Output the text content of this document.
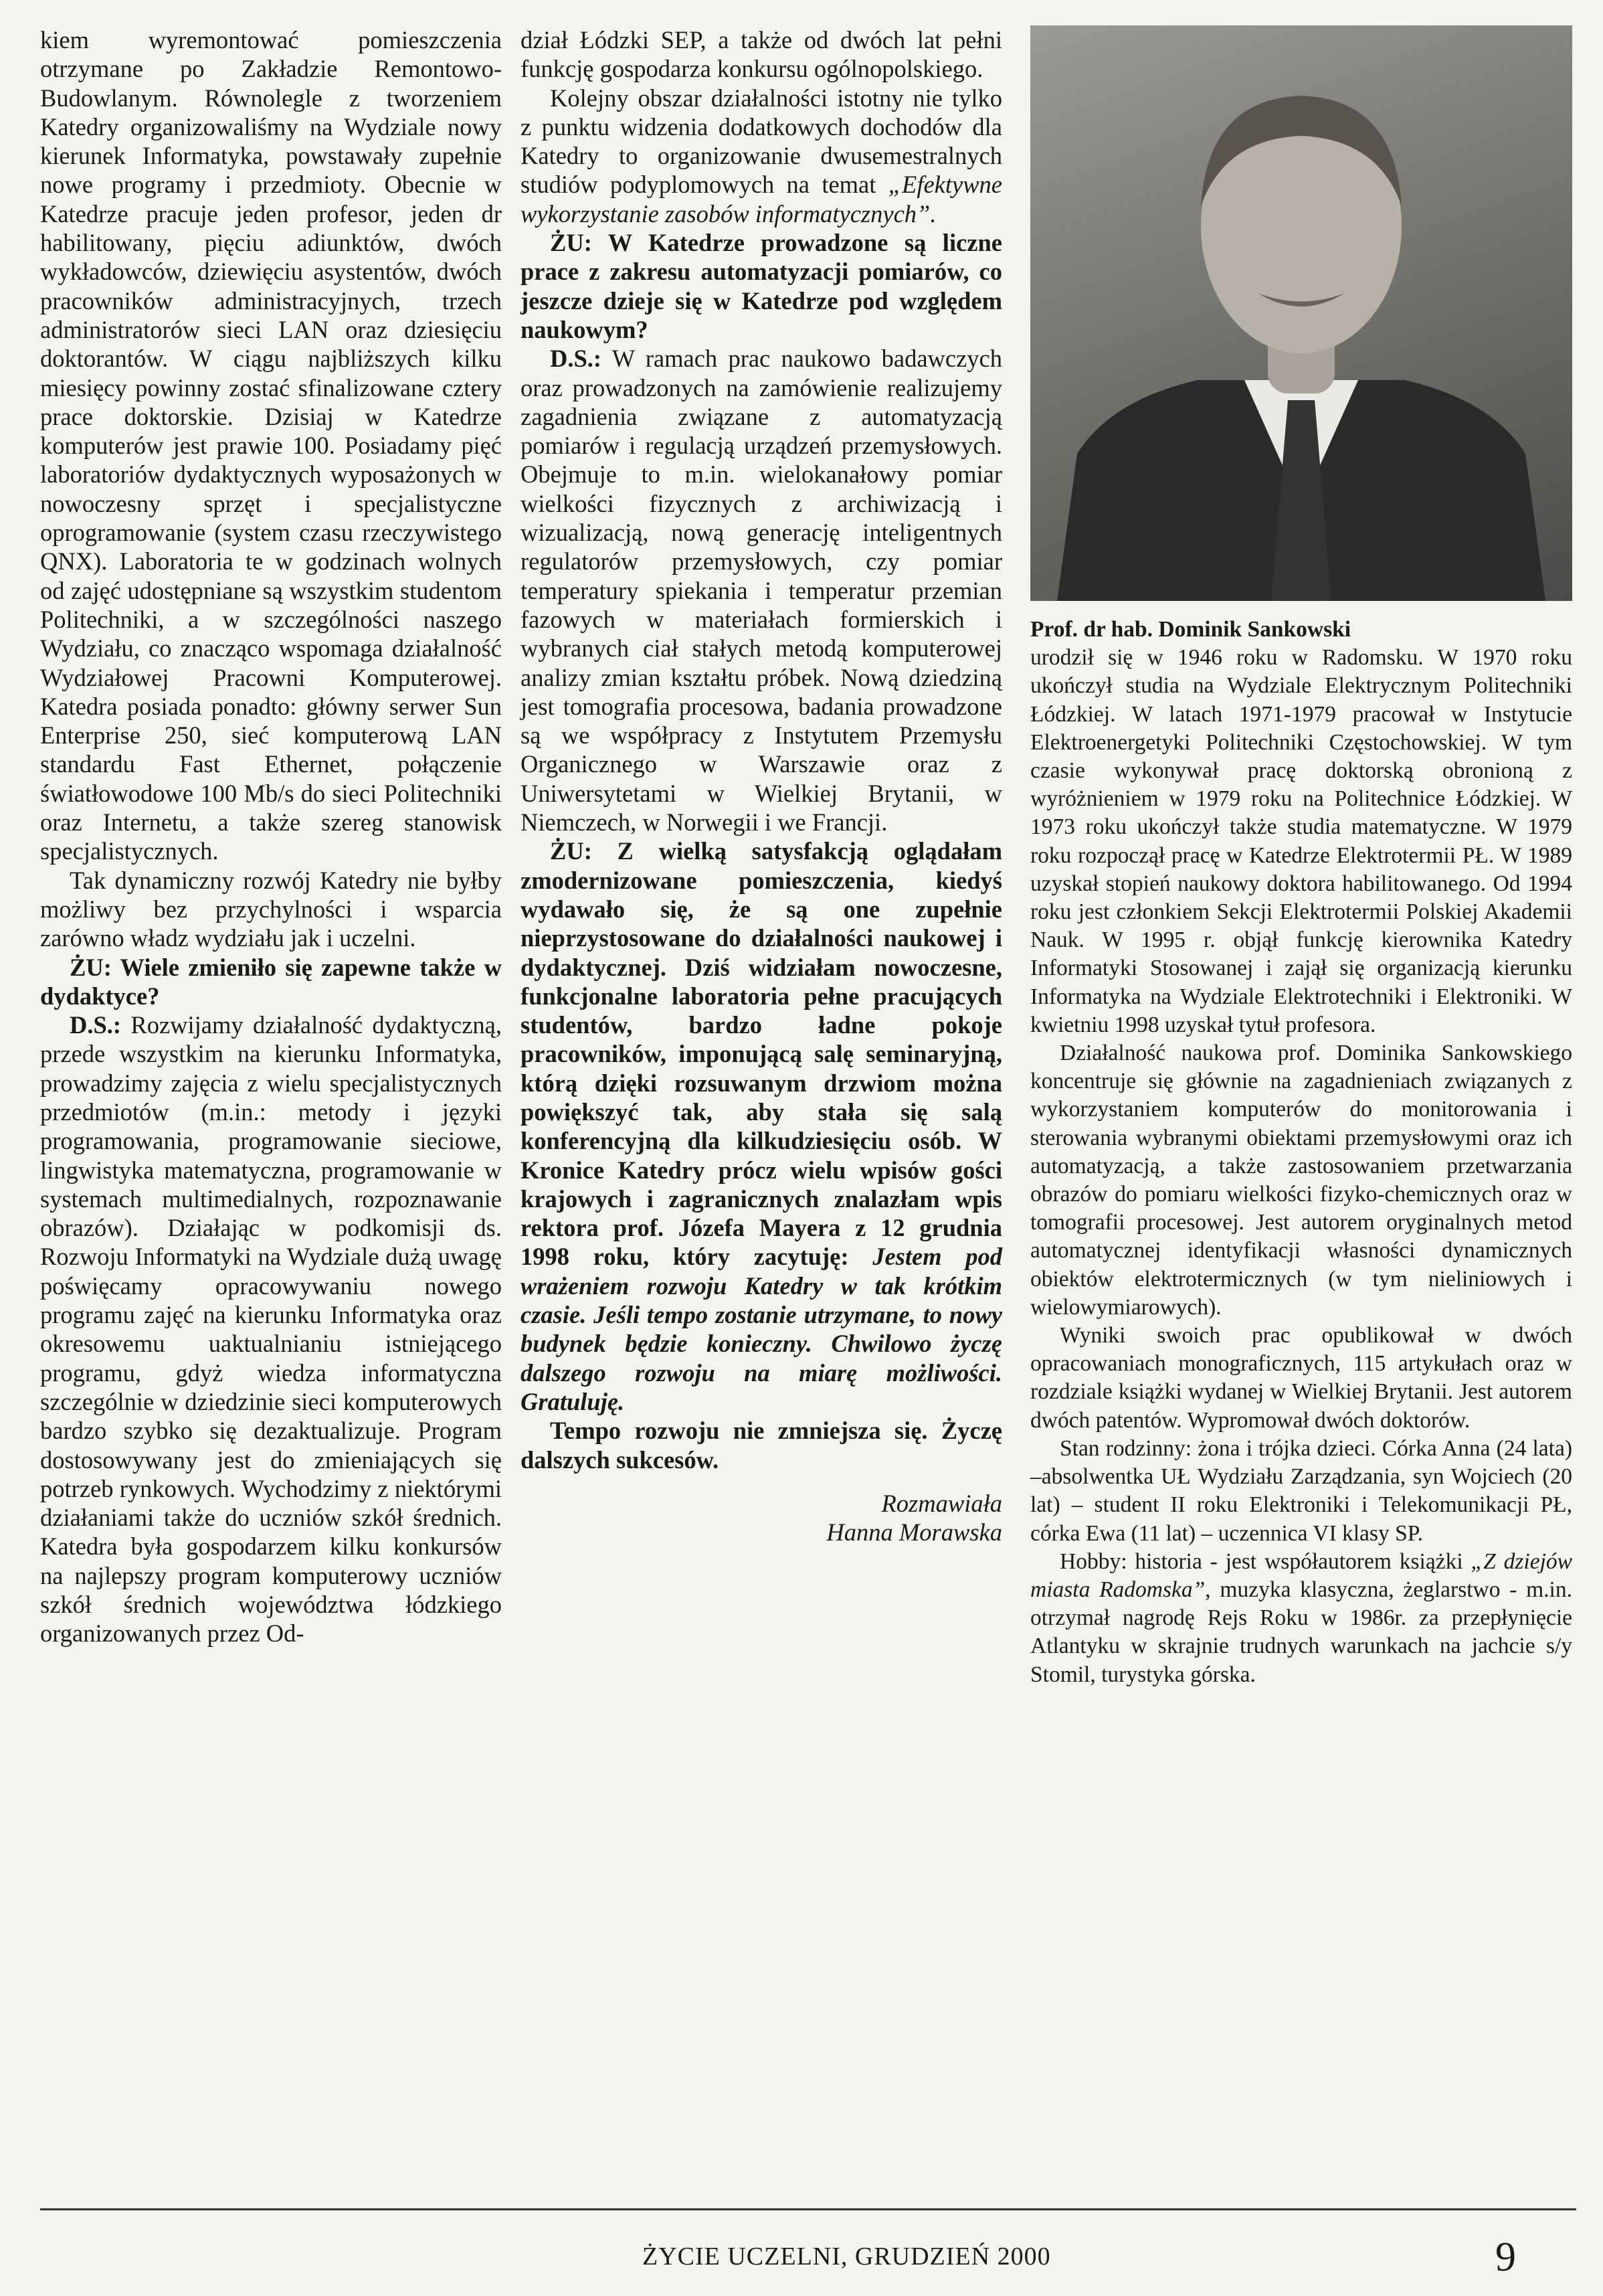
kiem wyremontować pomieszczenia otrzymane po Zakładzie Remontowo-Budowlanym. Równolegle z tworzeniem Katedry organizowaliśmy na Wydziale nowy kierunek Informatyka, powstawały zupełnie nowe programy i przedmioty. Obecnie w Katedrze pracuje jeden profesor, jeden dr habilitowany, pięciu adiunktów, dwóch wykładowców, dziewięciu asystentów, dwóch pracowników administracyjnych, trzech administratorów sieci LAN oraz dziesięciu doktorantów. W ciągu najbliższych kilku miesięcy powinny zostać sfinalizowane cztery prace doktorskie. Dzisiaj w Katedrze komputerów jest prawie 100. Posiadamy pięć laboratoriów dydaktycznych wyposażonych w nowoczesny sprzęt i specjalistyczne oprogramowanie (system czasu rzeczywistego QNX). Laboratoria te w godzinach wolnych od zajęć udostępniane są wszystkim studentom Politechniki, a w szczególności naszego Wydziału, co znacząco wspomaga działalność Wydziałowej Pracowni Komputerowej. Katedra posiada ponadto: główny serwer Sun Enterprise 250, sieć komputerową LAN standardu Fast Ethernet, połączenie światłowodowe 100 Mb/s do sieci Politechniki oraz Internetu, a także szereg stanowisk specjalistycznych.

Tak dynamiczny rozwój Katedry nie byłby możliwy bez przychylności i wsparcia zarówno władz wydziału jak i uczelni.

ŻU: Wiele zmieniło się zapewne także w dydaktyce?

D.S.: Rozwijamy działalność dydaktyczną, przede wszystkim na kierunku Informatyka, prowadzimy zajęcia z wielu specjalistycznych przedmiotów (m.in.: metody i języki programowania, programowanie sieciowe, lingwistyka matematyczna, programowanie w systemach multimedialnych, rozpoznawanie obrazów). Działając w podkomisji ds. Rozwoju Informatyki na Wydziale dużą uwagę poświęcamy opracowywaniu nowego programu zajęć na kierunku Informatyka oraz okresowemu uaktualnianiu istniejącego programu, gdyż wiedza informatyczna szczególnie w dziedzinie sieci komputerowych bardzo szybko się dezaktualizuje. Program dostosowywany jest do zmieniających się potrzeb rynkowych. Wychodzimy z niektórymi działaniami także do uczniów szkół średnich. Katedra była gospodarzem kilku konkursów na najlepszy program komputerowy uczniów szkół średnich województwa łódzkiego organizowanych przez Od-

dział Łódzki SEP, a także od dwóch lat pełni funkcję gospodarza konkursu ogólnopolskiego.

Kolejny obszar działalności istotny nie tylko z punktu widzenia dodatkowych dochodów dla Katedry to organizowanie dwusemestralnych studiów podyplomowych na temat „Efektywne wykorzystanie zasobów informatycznych”.

ŻU: W Katedrze prowadzone są liczne prace z zakresu automatyzacji pomiarów, co jeszcze dzieje się w Katedrze pod względem naukowym?

D.S.: W ramach prac naukowo badawczych oraz prowadzonych na zamówienie realizujemy zagadnienia związane z automatyzacją pomiarów i regulacją urządzeń przemysłowych. Obejmuje to m.in. wielokanałowy pomiar wielkości fizycznych z archiwizacją i wizualizacją, nową generację inteligentnych regulatorów przemysłowych, czy pomiar temperatury spiekania i temperatur przemian fazowych w materiałach formierskich i wybranych ciał stałych metodą komputerowej analizy zmian kształtu próbek. Nową dziedziną jest tomografia procesowa, badania prowadzone są we współpracy z Instytutem Przemysłu Organicznego w Warszawie oraz z Uniwersytetami w Wielkiej Brytanii, w Niemczech, w Norwegii i we Francji.

ŻU: Z wielką satysfakcją oglądałam zmodernizowane pomieszczenia, kiedyś wydawało się, że są one zupełnie nieprzystosowane do działalności naukowej i dydaktycznej. Dziś widziałam nowoczesne, funkcjonalne laboratoria pełne pracujących studentów, bardzo ładne pokoje pracowników, imponującą salę seminaryjną, którą dzięki rozsuwanym drzwiom można powiększyć tak, aby stała się salą konferencyjną dla kilkudziesięciu osób. W Kronice Katedry prócz wielu wpisów gości krajowych i zagranicznych znalazłam wpis rektora prof. Józefa Mayera z 12 grudnia 1998 roku, który zacytuję: Jestem pod wrażeniem rozwoju Katedry w tak krótkim czasie. Jeśli tempo zostanie utrzymane, to nowy budynek będzie konieczny. Chwilowo życzę dalszego rozwoju na miarę możliwości. Gratuluję.

Tempo rozwoju nie zmniejsza się. Życzę dalszych sukcesów.

Rozmawiała

Hanna Morawska

Prof. dr hab. Dominik Sankowski
urodził się w 1946 roku w Radomsku. W 1970 roku ukończył studia na Wydziale Elektrycznym Politechniki Łódzkiej. W latach 1971-1979 pracował w Instytucie Elektroenergetyki Politechniki Częstochowskiej. W tym czasie wykonywał pracę doktorską obronioną z wyróżnieniem w 1979 roku na Politechnice Łódzkiej. W 1973 roku ukończył także studia matematyczne. W 1979 roku rozpoczął pracę w Katedrze Elektrotermii PŁ. W 1989 uzyskał stopień naukowy doktora habilitowanego. Od 1994 roku jest członkiem Sekcji Elektrotermii Polskiej Akademii Nauk. W 1995 r. objął funkcję kierownika Katedry Informatyki Stosowanej i zajął się organizacją kierunku Informatyka na Wydziale Elektrotechniki i Elektroniki. W kwietniu 1998 uzyskał tytuł profesora.

Działalność naukowa prof. Dominika Sankowskiego koncentruje się głównie na zagadnieniach związanych z wykorzystaniem komputerów do monitorowania i sterowania wybranymi obiektami przemysłowymi oraz ich automatyzacją, a także zastosowaniem przetwarzania obrazów do pomiaru wielkości fizyko-chemicznych oraz w tomografii procesowej. Jest autorem oryginalnych metod automatycznej identyfikacji własności dynamicznych obiektów elektrotermicznych (w tym nieliniowych i wielowymiarowych).

Wyniki swoich prac opublikował w dwóch opracowaniach monograficznych, 115 artykułach oraz w rozdziale książki wydanej w Wielkiej Brytanii. Jest autorem dwóch patentów. Wypromował dwóch doktorów.

Stan rodzinny: żona i trójka dzieci. Córka Anna (24 lata) –absolwentka UŁ Wydziału Zarządzania, syn Wojciech (20 lat) – student II roku Elektroniki i Telekomunikacji PŁ, córka Ewa (11 lat) – uczennica VI klasy SP.

Hobby: historia - jest współautorem książki „Z dziejów miasta Radomska”, muzyka klasyczna, żeglarstwo - m.in. otrzymał nagrodę Rejs Roku w 1986r. za przepłynięcie Atlantyku w skrajnie trudnych warunkach na jachcie s/y Stomil, turystyka górska.

ŻYCIE UCZELNI, GRUDZIEŃ 2000	9
